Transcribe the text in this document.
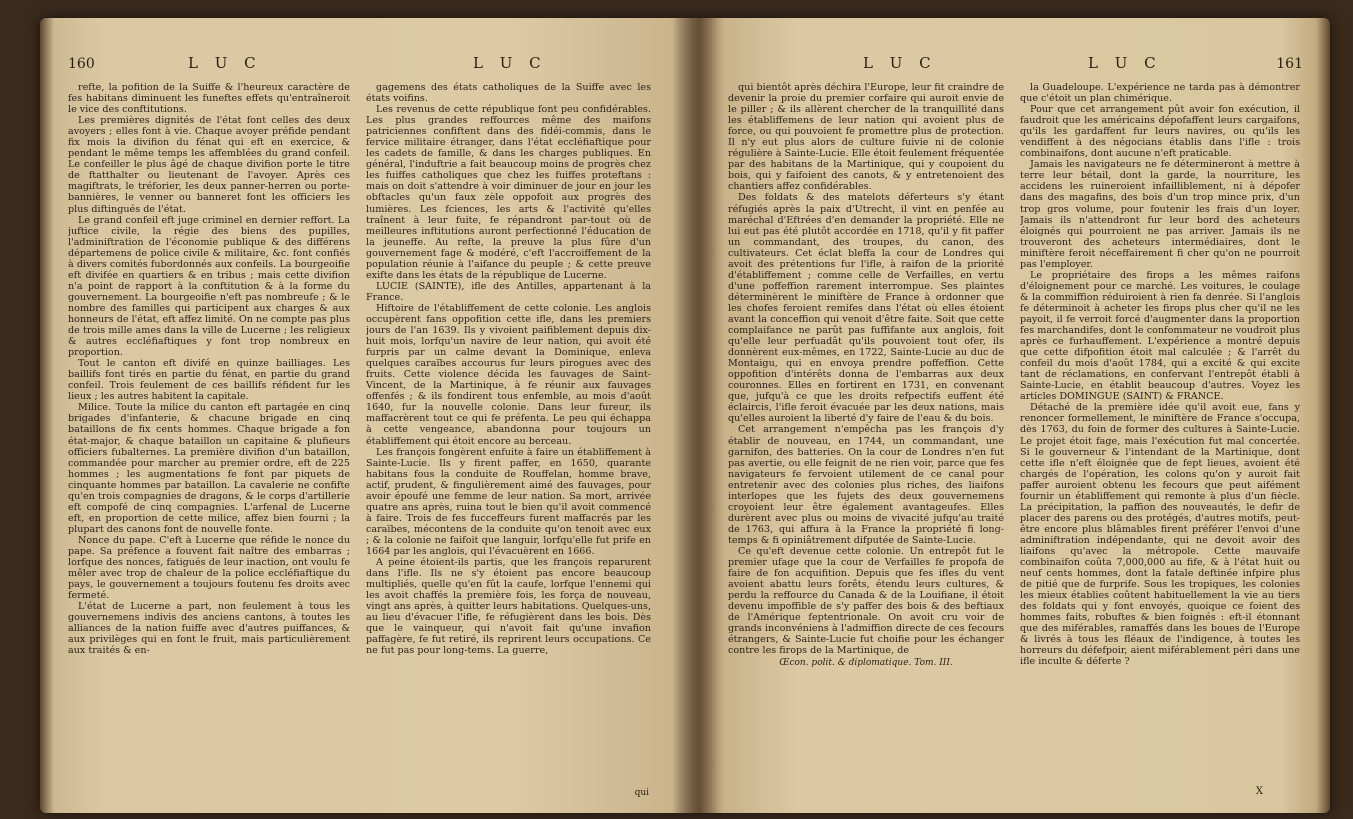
160	L U C	L U C

refte, la pofition de la Suiffe & l'heureux caractère de fes habitans diminuent les funeftes effets qu'entraîneroit le vice des conftitutions.

Les premières dignités de l'état font celles des deux avoyers ; elles font à vie. Chaque avoyer préfide pendant fix mois la divifion du fénat qui eft en exercice, & pendant le même temps les affemblées du grand confeil. Le confeiller le plus âgé de chaque divifion porte le titre de ftatthalter ou lieutenant de l'avoyer. Après ces magiftrats, le tréforier, les deux panner-herren ou porte-bannières, le venner ou banneret font les officiers les plus diftingués de l'état.

Le grand confeil eft juge criminel en dernier reffort. La juftice civile, la régie des biens des pupilles, l'adminiftration de l'économie publique & des différens départemens de police civile & militaire, &c. font confiés à divers comités fubordonnés aux confeils. La bourgeoifie eft divifée en quartiers & en tribus ; mais cette divifion n'a point de rapport à la conftitution & à la forme du gouvernement. La bourgeoifie n'eft pas nombreufe ; & le nombre des familles qui participent aux charges & aux honneurs de l'état, eft affez limité. On ne compte pas plus de trois mille ames dans la ville de Lucerne ; les religieux & autres eccléfiaftiques y font trop nombreux en proportion.

Tout le canton eft divifé en quinze bailliages. Les baillifs font tirés en partie du fénat, en partie du grand confeil. Trois feulement de ces baillifs réfident fur les lieux ; les autres habitent la capitale.

Milice. Toute la milice du canton eft partagée en cinq brigades d'infanterie, & chacune brigade en cinq bataillons de fix cents hommes. Chaque brigade a fon état-major, & chaque bataillon un capitaine & plufieurs officiers fubalternes. La première divifion d'un bataillon, commandée pour marcher au premier ordre, eft de 225 hommes ; les augmentations fe font par piquets de cinquante hommes par bataillon. La cavalerie ne confifte qu'en trois compagnies de dragons, & le corps d'artillerie eft compofé de cinq compagnies. L'arfenal de Lucerne eft, en proportion de cette milice, affez bien fourni ; la plupart des canons font de nouvelle fonte.

Nonce du pape. C'eft à Lucerne que réfide le nonce du pape. Sa préfence a fouvent fait naître des embarras ; lorfque des nonces, fatigués de leur inaction, ont voulu fe mêler avec trop de chaleur de la police eccléfiaftique du pays, le gouvernement a toujours foutenu fes droits avec fermeté.

L'état de Lucerne a part, non feulement à tous les gouvernemens indivis des anciens cantons, à toutes les alliances de la nation fuiffe avec d'autres puiffances, & aux privilèges qui en font le fruit, mais particulièrement aux traités & en-

gagemens des états catholiques de la Suiffe avec les états voifins.

Les revenus de cette république font peu confidérables. Les plus grandes reffources même des maifons patriciennes confiftent dans des fidéi-commis, dans le fervice militaire étranger, dans l'état eccléfiaftique pour les cadets de famille, & dans les charges publiques. En général, l'induftrie a fait beaucoup moins de progrès chez les fuiffes catholiques que chez les fuiffes proteftans : mais on doit s'attendre à voir diminuer de jour en jour les obftacles qu'un faux zèle oppofoit aux progrès des lumières. Les fciences, les arts & l'activité qu'elles traînent à leur fuite, fe répandront par-tout où de meilleures inftitutions auront perfectionné l'éducation de la jeuneffe. Au refte, la preuve la plus fûre d'un gouvernement fage & modéré, c'eft l'accroiffement de la population réunie à l'aifance du peuple ; & cette preuve exifte dans les états de la république de Lucerne.

LUCIE (SAINTE), ifle des Antilles, appartenant à la France.

Hiftoire de l'établiffement de cette colonie. Les anglois occupèrent fans oppofition cette ifle, dans les premiers jours de l'an 1639. Ils y vivoient paifiblement depuis dix-huit mois, lorfqu'un navire de leur nation, qui avoit été furpris par un calme devant la Dominique, enleva quelques caraïbes accourus fur leurs pirogues avec des fruits. Cette violence décida les fauvages de Saint-Vincent, de la Martinique, à fe réunir aux fauvages offenfés ; & ils fondirent tous enfemble, au mois d'août 1640, fur la nouvelle colonie. Dans leur fureur, ils maffacrèrent tout ce qui fe préfenta. Le peu qui échappa à cette vengeance, abandonna pour toujours un établiffement qui étoit encore au berceau.

Les françois fongèrent enfuite à faire un établiffement à Sainte-Lucie. Ils y firent paffer, en 1650, quarante habitans fous la conduite de Rouffelan, homme brave, actif, prudent, & fingulièrement aimé des fauvages, pour avoir époufé une femme de leur nation. Sa mort, arrivée quatre ans après, ruina tout le bien qu'il avoit commencé à faire. Trois de fes fucceffeurs furent maffacrés par les caraïbes, mécontens de la conduite qu'on tenoit avec eux ; & la colonie ne faifoit que languir, lorfqu'elle fut prife en 1664 par les anglois, qui l'évacuèrent en 1666.

A peine étoient-ils partis, que les françois reparurent dans l'ifle. Ils ne s'y étoient pas encore beaucoup multipliés, quelle qu'en fût la caufe, lorfque l'ennemi qui les avoit chaffés la première fois, les força de nouveau, vingt ans après, à quitter leurs habitations. Quelques-uns, au lieu d'évacuer l'ifle, fe réfugièrent dans les bois. Dès que le vainqueur, qui n'avoit fait qu'une invafion paffagère, fe fut retiré, ils reprirent leurs occupations. Ce ne fut pas pour long-tems. La guerre,

qui
L U C	L U C	161

qui bientôt après déchira l'Europe, leur fit craindre de devenir la proie du premier corfaire qui auroit envie de le piller ; & ils allèrent chercher de la tranquillité dans les établiffemens de leur nation qui avoient plus de force, ou qui pouvoient fe promettre plus de protection. Il n'y eut plus alors de culture fuivie ni de colonie régulière à Sainte-Lucie. Elle étoit feulement fréquentée par des habitans de la Martinique, qui y coupoient du bois, qui y faifoient des canots, & y entretenoient des chantiers affez confidérables.

Des foldats & des matelots déferteurs s'y étant réfugiés après la paix d'Utrecht, il vint en penfée au maréchal d'Eftrées d'en demander la propriété. Elle ne lui eut pas été plutôt accordée en 1718, qu'il y fit paffer un commandant, des troupes, du canon, des cultivateurs. Cet éclat bleffa la cour de Londres qui avoit des prétentions fur l'ifle, à raifon de la priorité d'établiffement ; comme celle de Verfailles, en vertu d'une poffeffion rarement interrompue. Ses plaintes déterminèrent le miniftère de France à ordonner que les chofes feroient remifes dans l'état où elles étoient avant la conceffion qui venoit d'être faite. Soit que cette complaifance ne parût pas fuffifante aux anglois, foit qu'elle leur perfuadât qu'ils pouvoient tout ofer, ils donnèrent eux-mêmes, en 1722, Sainte-Lucie au duc de Montaigu, qui en envoya prendre poffeffion. Cette oppofition d'intérêts donna de l'embarras aux deux couronnes. Elles en fortirent en 1731, en convenant que, jufqu'à ce que les droits refpectifs euffent été éclaircis, l'ifle feroit évacuée par les deux nations, mais qu'elles auroient la liberté d'y faire de l'eau & du bois.

Cet arrangement n'empêcha pas les françois d'y établir de nouveau, en 1744, un commandant, une garnifon, des batteries. On la cour de Londres n'en fut pas avertie, ou elle feignit de ne rien voir, parce que fes navigateurs fe fervoient utilement de ce canal pour entretenir avec des colonies plus riches, des liaifons interlopes que les fujets des deux gouvernemens croyoient leur être également avantageufes. Elles durèrent avec plus ou moins de vivacité jufqu'au traité de 1763, qui affura à la France la propriété fi long-temps & fi opiniâtrement difputée de Sainte-Lucie.

Ce qu'eft devenue cette colonie. Un entrepôt fut le premier ufage que la cour de Verfailles fe propofa de faire de fon acquifition. Depuis que fes ifles du vent avoient abattu leurs forêts, étendu leurs cultures, & perdu la reffource du Canada & de la Louifiane, il étoit devenu impoffible de s'y paffer des bois & des beftiaux de l'Amérique feptentrionale. On avoit cru voir de grands inconvéniens à l'admiffion directe de ces fecours étrangers, & Sainte-Lucie fut choifie pour les échanger contre les firops de la Martinique, de

Œcon. polit. & diplomatique. Tom. III.

la Guadeloupe. L'expérience ne tarda pas à démontrer que c'étoit un plan chimérique.

Pour que cet arrangement pût avoir fon exécution, il faudroit que les américains dépofaffent leurs cargaifons, qu'ils les gardaffent fur leurs navires, ou qu'ils les vendiffent à des négocians établis dans l'ifle : trois combinaifons, dont aucune n'eft praticable.

Jamais les navigateurs ne fe détermineront à mettre à terre leur bétail, dont la garde, la nourriture, les accidens les ruineroient infailliblement, ni à dépofer dans des magafins, des bois d'un trop mince prix, d'un trop gros volume, pour foutenir les frais d'un loyer. Jamais ils n'attendront fur leur bord des acheteurs éloignés qui pourroient ne pas arriver. Jamais ils ne trouveront des acheteurs intermédiaires, dont le miniftère feroit néceffairement fi cher qu'on ne pourroit pas l'employer.

Le propriétaire des firops a les mêmes raifons d'éloignement pour ce marché. Les voitures, le coulage & la commiffion réduiroient à rien fa denrée. Si l'anglois fe déterminoit à acheter les firops plus cher qu'il ne les payoit, il fe verroit forcé d'augmenter dans la proportion fes marchandifes, dont le confommateur ne voudroit plus après ce furhauffement. L'expérience a montré depuis que cette difpofition étoit mal calculée ; & l'arrêt du confeil du mois d'août 1784, qui a excité & qui excite tant de réclamations, en confervant l'entrepôt établi à Sainte-Lucie, en établit beaucoup d'autres. Voyez les articles DOMINGUE (SAINT) & FRANCE.

Détaché de la première idée qu'il avoit eue, fans y renoncer formellement, le miniftère de France s'occupa, dès 1763, du foin de former des cultures à Sainte-Lucie. Le projet étoit fage, mais l'exécution fut mal concertée. Si le gouverneur & l'intendant de la Martinique, dont cette ifle n'eft éloignée que de fept lieues, avoient été chargés de l'opération, les colons qu'on y auroit fait paffer auroient obtenu les fecours que peut aifément fournir un établiffement qui remonte à plus d'un fiècle. La précipitation, la paffion des nouveautés, le defir de placer des parens ou des protégés, d'autres motifs, peut-être encore plus blâmables firent préférer l'envoi d'une adminiftration indépendante, qui ne devoit avoir des liaifons qu'avec la métropole. Cette mauvaife combinaifon coûta 7,000,000 au fife, & à l'état huit ou neuf cents hommes, dont la fatale deftinée infpire plus de pitié que de furprife. Sous les tropiques, les colonies les mieux établies coûtent habituellement la vie au tiers des foldats qui y font envoyés, quoique ce foient des hommes faits, robuftes & bien foignés : eft-il étonnant que des miférables, ramaffés dans les boues de l'Europe & livrés à tous les fléaux de l'indigence, à toutes les horreurs du défefpoir, aient miférablement péri dans une ifle inculte & déferte ?

X
